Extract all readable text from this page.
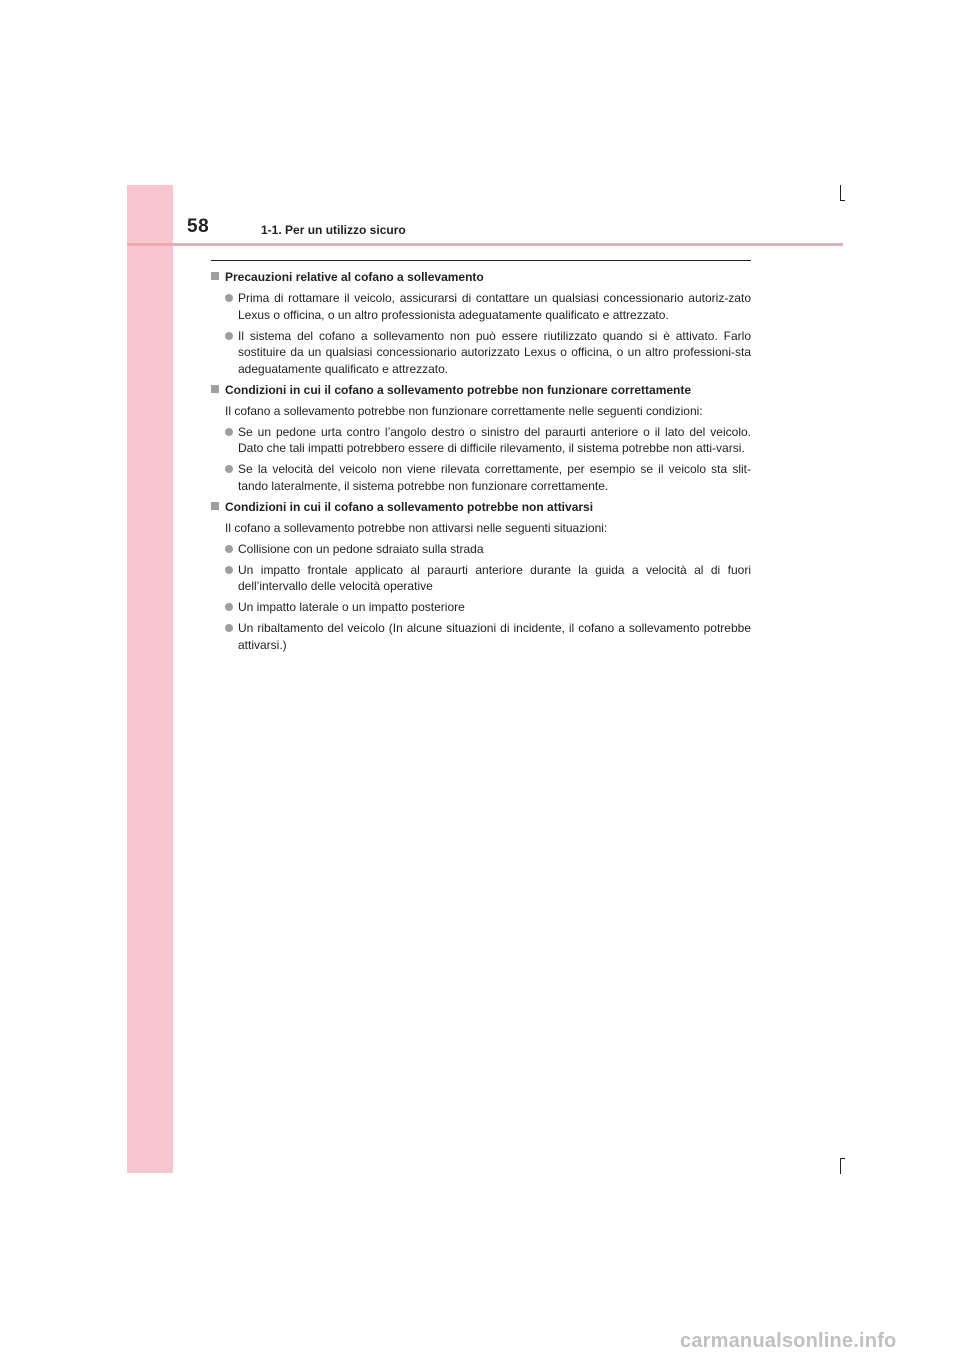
58	1-1. Per un utilizzo sicuro
Precauzioni relative al cofano a sollevamento
Prima di rottamare il veicolo, assicurarsi di contattare un qualsiasi concessionario autoriz-zato Lexus o officina, o un altro professionista adeguatamente qualificato e attrezzato.
Il sistema del cofano a sollevamento non può essere riutilizzato quando si è attivato. Farlo sostituire da un qualsiasi concessionario autorizzato Lexus o officina, o un altro professioni-sta adeguatamente qualificato e attrezzato.
Condizioni in cui il cofano a sollevamento potrebbe non funzionare correttamente
Il cofano a sollevamento potrebbe non funzionare correttamente nelle seguenti condizioni:
Se un pedone urta contro l’angolo destro o sinistro del paraurti anteriore o il lato del veicolo. Dato che tali impatti potrebbero essere di difficile rilevamento, il sistema potrebbe non atti-varsi.
Se la velocità del veicolo non viene rilevata correttamente, per esempio se il veicolo sta slit-tando lateralmente, il sistema potrebbe non funzionare correttamente.
Condizioni in cui il cofano a sollevamento potrebbe non attivarsi
Il cofano a sollevamento potrebbe non attivarsi nelle seguenti situazioni:
Collisione con un pedone sdraiato sulla strada
Un impatto frontale applicato al paraurti anteriore durante la guida a velocità al di fuori dell’intervallo delle velocità operative
Un impatto laterale o un impatto posteriore
Un ribaltamento del veicolo (In alcune situazioni di incidente, il cofano a sollevamento potrebbe attivarsi.)
carmanualsonline.info
